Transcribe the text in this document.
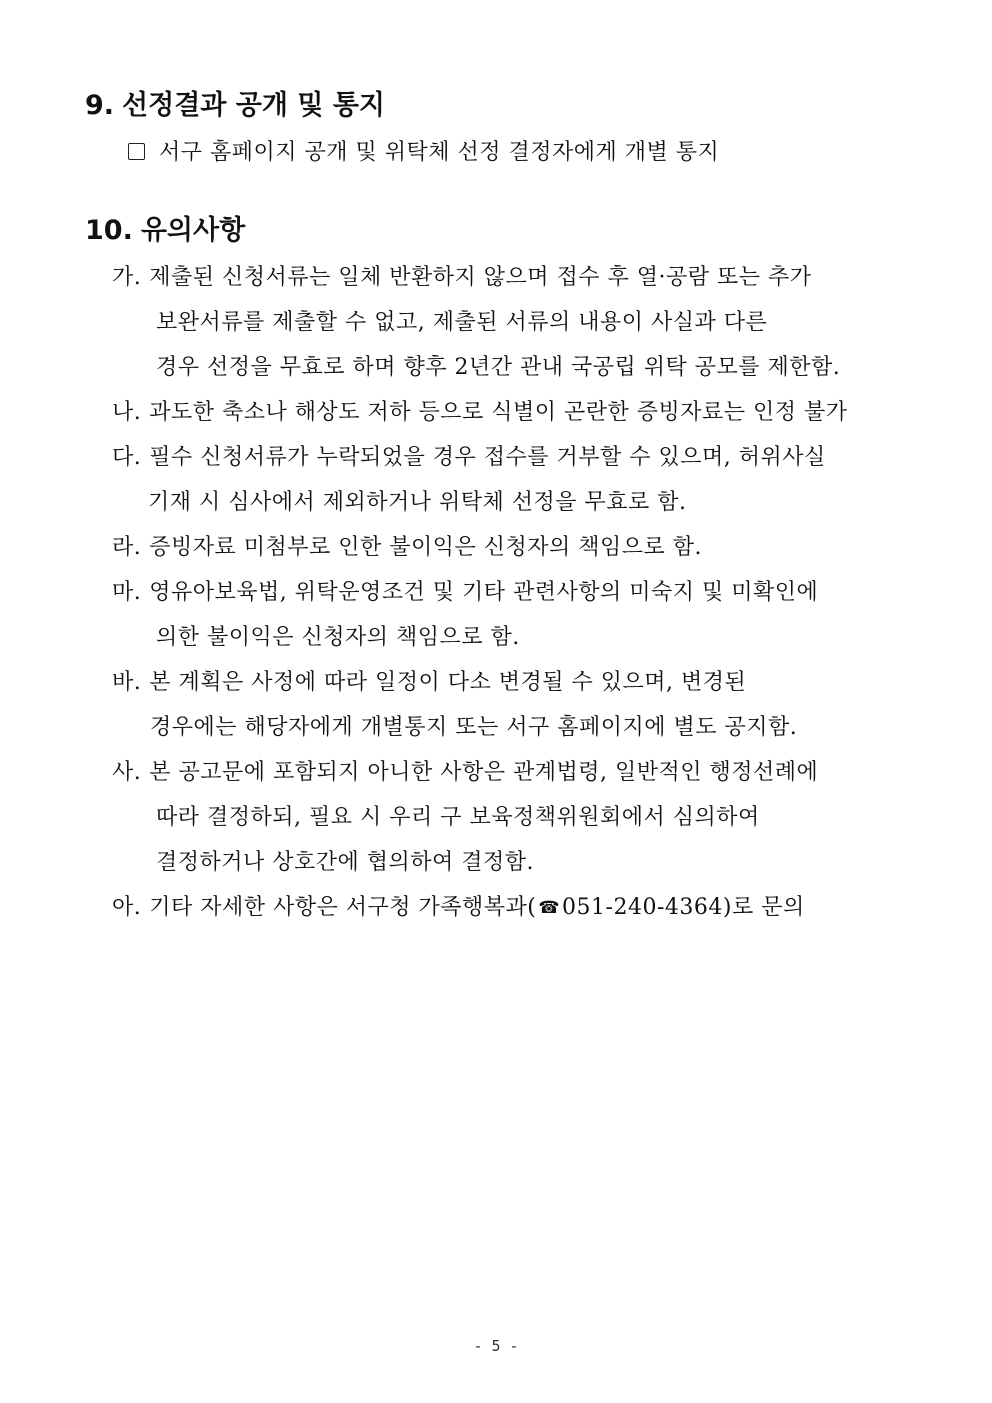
9. 선정결과 공개 및 통지
서구 홈페이지 공개 및 위탁체 선정 결정자에게 개별 통지
10. 유의사항
가. 제출된 신청서류는 일체 반환하지 않으며 접수 후 열·공람 또는 추가
보완서류를 제출할 수 없고, 제출된 서류의 내용이 사실과 다른
경우 선정을 무효로 하며 향후 2년간 관내 국공립 위탁 공모를 제한함.
나. 과도한 축소나 해상도 저하 등으로 식별이 곤란한 증빙자료는 인정 불가
다. 필수 신청서류가 누락되었을 경우 접수를 거부할 수 있으며, 허위사실
기재 시 심사에서 제외하거나 위탁체 선정을 무효로 함.
라. 증빙자료 미첨부로 인한 불이익은 신청자의 책임으로 함.
마. 영유아보육법, 위탁운영조건 및 기타 관련사항의 미숙지 및 미확인에
의한 불이익은 신청자의 책임으로 함.
바. 본 계획은 사정에 따라 일정이 다소 변경될 수 있으며, 변경된
경우에는 해당자에게 개별통지 또는 서구 홈페이지에 별도 공지함.
사. 본 공고문에 포함되지 아니한 사항은 관계법령, 일반적인 행정선례에
따라 결정하되, 필요 시 우리 구 보육정책위원회에서 심의하여
결정하거나 상호간에 협의하여 결정함.
아. 기타 자세한 사항은 서구청 가족행복과( ☎051-240-4364)로 문의
- 5 -
